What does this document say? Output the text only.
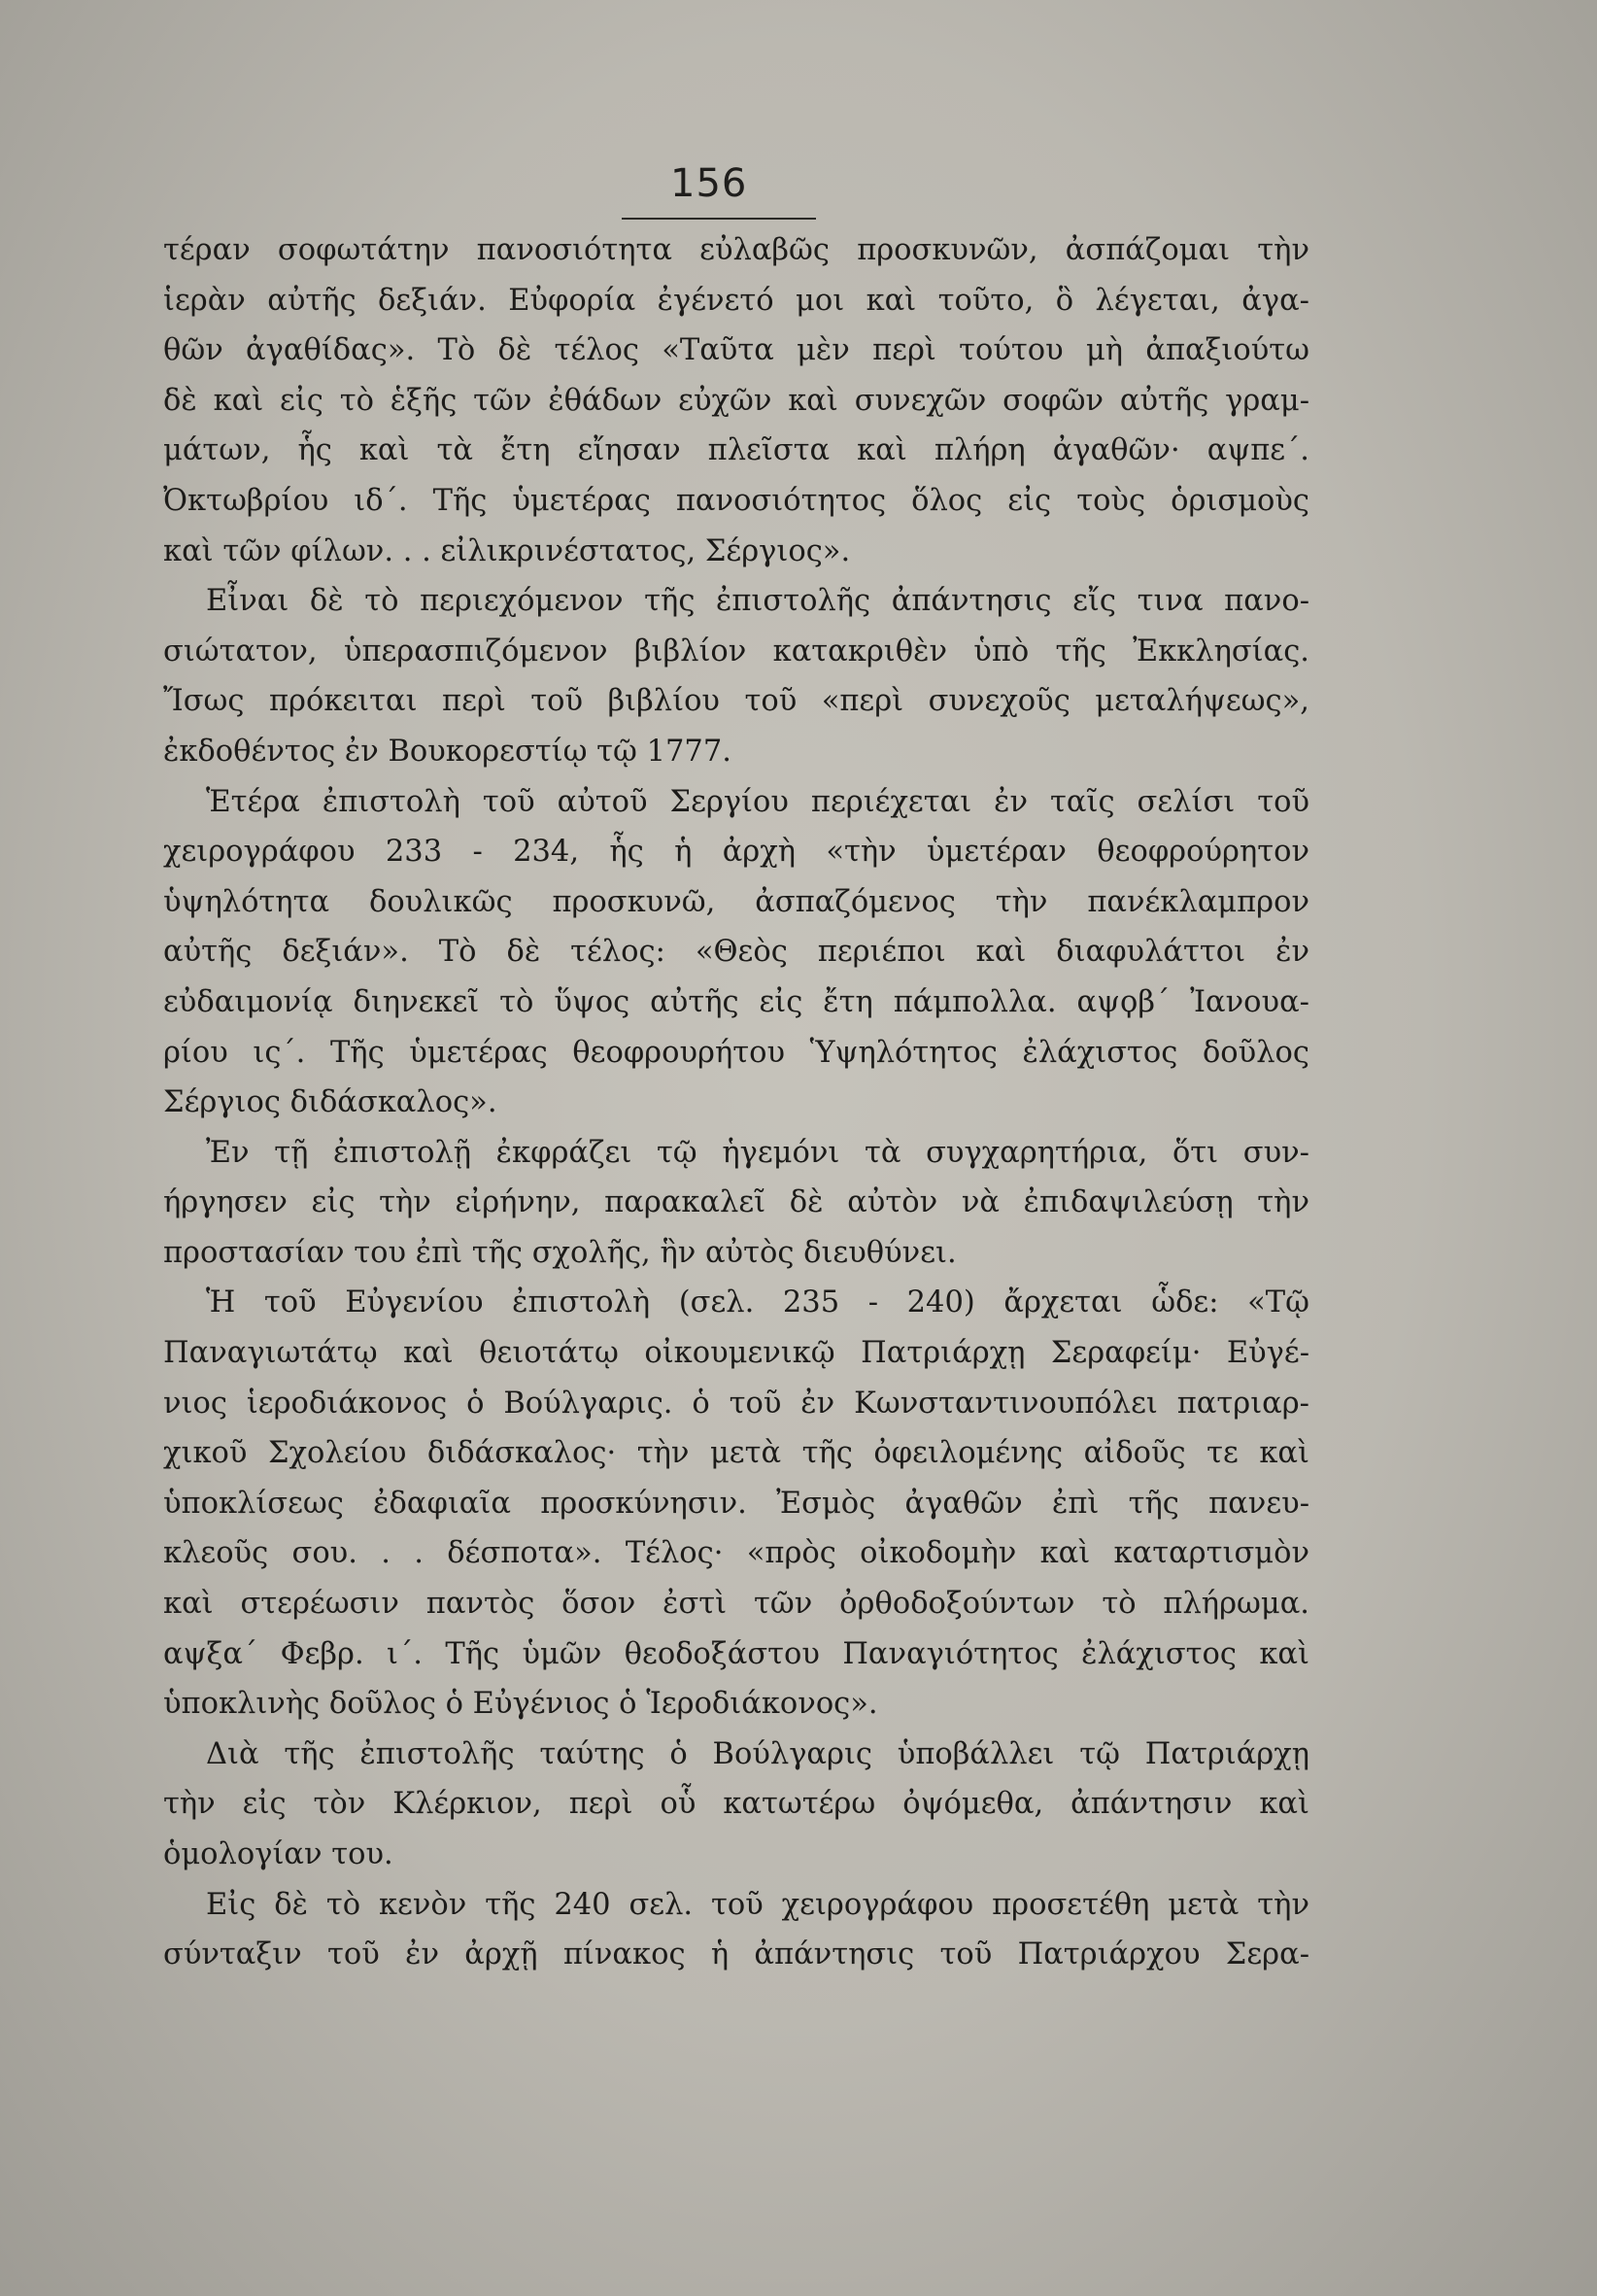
156
τέραν σοφωτάτην πανοσιότητα εὐλαβῶς προσκυνῶν, ἀσπάζομαι τὴν
ἱερὰν αὐτῆς δεξιάν. Εὐφορία ἐγένετό μοι καὶ τοῦτο, ὃ λέγεται, ἀγα-
θῶν ἀγαθίδας». Τὸ δὲ τέλος «Ταῦτα μὲν περὶ τούτου μὴ ἀπαξιούτω
δὲ καὶ εἰς τὸ ἑξῆς τῶν ἐθάδων εὐχῶν καὶ συνεχῶν σοφῶν αὐτῆς γραμ-
μάτων, ἧς καὶ τὰ ἔτη εἴησαν πλεῖστα καὶ πλήρη ἀγαθῶν· αψπε΄.
Ὀκτωβρίου ιδ΄. Τῆς ὑμετέρας πανοσιότητος ὅλος εἰς τοὺς ὁρισμοὺς
καὶ τῶν φίλων. . . εἰλικρινέστατος, Σέργιος».
Εἶναι δὲ τὸ περιεχόμενον τῆς ἐπιστολῆς ἀπάντησις εἴς τινα πανο-
σιώτατον, ὑπερασπιζόμενον βιβλίον κατακριθὲν ὑπὸ τῆς Ἐκκλησίας.
Ἴσως πρόκειται περὶ τοῦ βιβλίου τοῦ «περὶ συνεχοῦς μεταλήψεως»,
ἐκδοθέντος ἐν Βουκορεστίῳ τῷ 1777.
Ἑτέρα ἐπιστολὴ τοῦ αὐτοῦ Σεργίου περιέχεται ἐν ταῖς σελίσι τοῦ
χειρογράφου 233 - 234, ἧς ἡ ἀρχὴ «τὴν ὑμετέραν θεοφρούρητον
ὑψηλότητα δουλικῶς προσκυνῶ, ἀσπαζόμενος τὴν πανέκλαμπρον
αὐτῆς δεξιάν». Τὸ δὲ τέλος: «Θεὸς περιέποι καὶ διαφυλάττοι ἐν
εὐδαιμονίᾳ διηνεκεῖ τὸ ὕψος αὐτῆς εἰς ἔτη πάμπολλα. αψϙβ΄ Ἰανουα-
ρίου ις΄. Τῆς ὑμετέρας θεοφρουρήτου Ὑψηλότητος ἐλάχιστος δοῦλος
Σέργιος διδάσκαλος».
Ἐν τῇ ἐπιστολῇ ἐκφράζει τῷ ἡγεμόνι τὰ συγχαρητήρια, ὅτι συν-
ήργησεν εἰς τὴν εἰρήνην, παρακαλεῖ δὲ αὐτὸν νὰ ἐπιδαψιλεύσῃ τὴν
προστασίαν του ἐπὶ τῆς σχολῆς, ἣν αὐτὸς διευθύνει.
Ἡ τοῦ Εὐγενίου ἐπιστολὴ (σελ. 235 - 240) ἄρχεται ὧδε: «Τῷ
Παναγιωτάτῳ καὶ θειοτάτῳ οἰκουμενικῷ Πατριάρχῃ Σεραφείμ· Εὐγέ-
νιος ἱεροδιάκονος ὁ Βούλγαρις. ὁ τοῦ ἐν Κωνσταντινουπόλει πατριαρ-
χικοῦ Σχολείου διδάσκαλος· τὴν μετὰ τῆς ὀφειλομένης αἰδοῦς τε καὶ
ὑποκλίσεως ἐδαφιαῖα προσκύνησιν. Ἐσμὸς ἀγαθῶν ἐπὶ τῆς πανευ-
κλεοῦς σου. . . δέσποτα». Τέλος· «πρὸς οἰκοδομὴν καὶ καταρτισμὸν
καὶ στερέωσιν παντὸς ὅσον ἐστὶ τῶν ὀρθοδοξούντων τὸ πλήρωμα.
αψξα΄ Φεβρ. ι΄. Τῆς ὑμῶν θεοδοξάστου Παναγιότητος ἐλάχιστος καὶ
ὑποκλινὴς δοῦλος ὁ Εὐγένιος ὁ Ἱεροδιάκονος».
Διὰ τῆς ἐπιστολῆς ταύτης ὁ Βούλγαρις ὑποβάλλει τῷ Πατριάρχῃ
τὴν εἰς τὸν Κλέρκιον, περὶ οὗ κατωτέρω ὀψόμεθα, ἀπάντησιν καὶ
ὁμολογίαν του.
Εἰς δὲ τὸ κενὸν τῆς 240 σελ. τοῦ χειρογράφου προσετέθη μετὰ τὴν
σύνταξιν τοῦ ἐν ἀρχῇ πίνακος ἡ ἀπάντησις τοῦ Πατριάρχου Σερα-
